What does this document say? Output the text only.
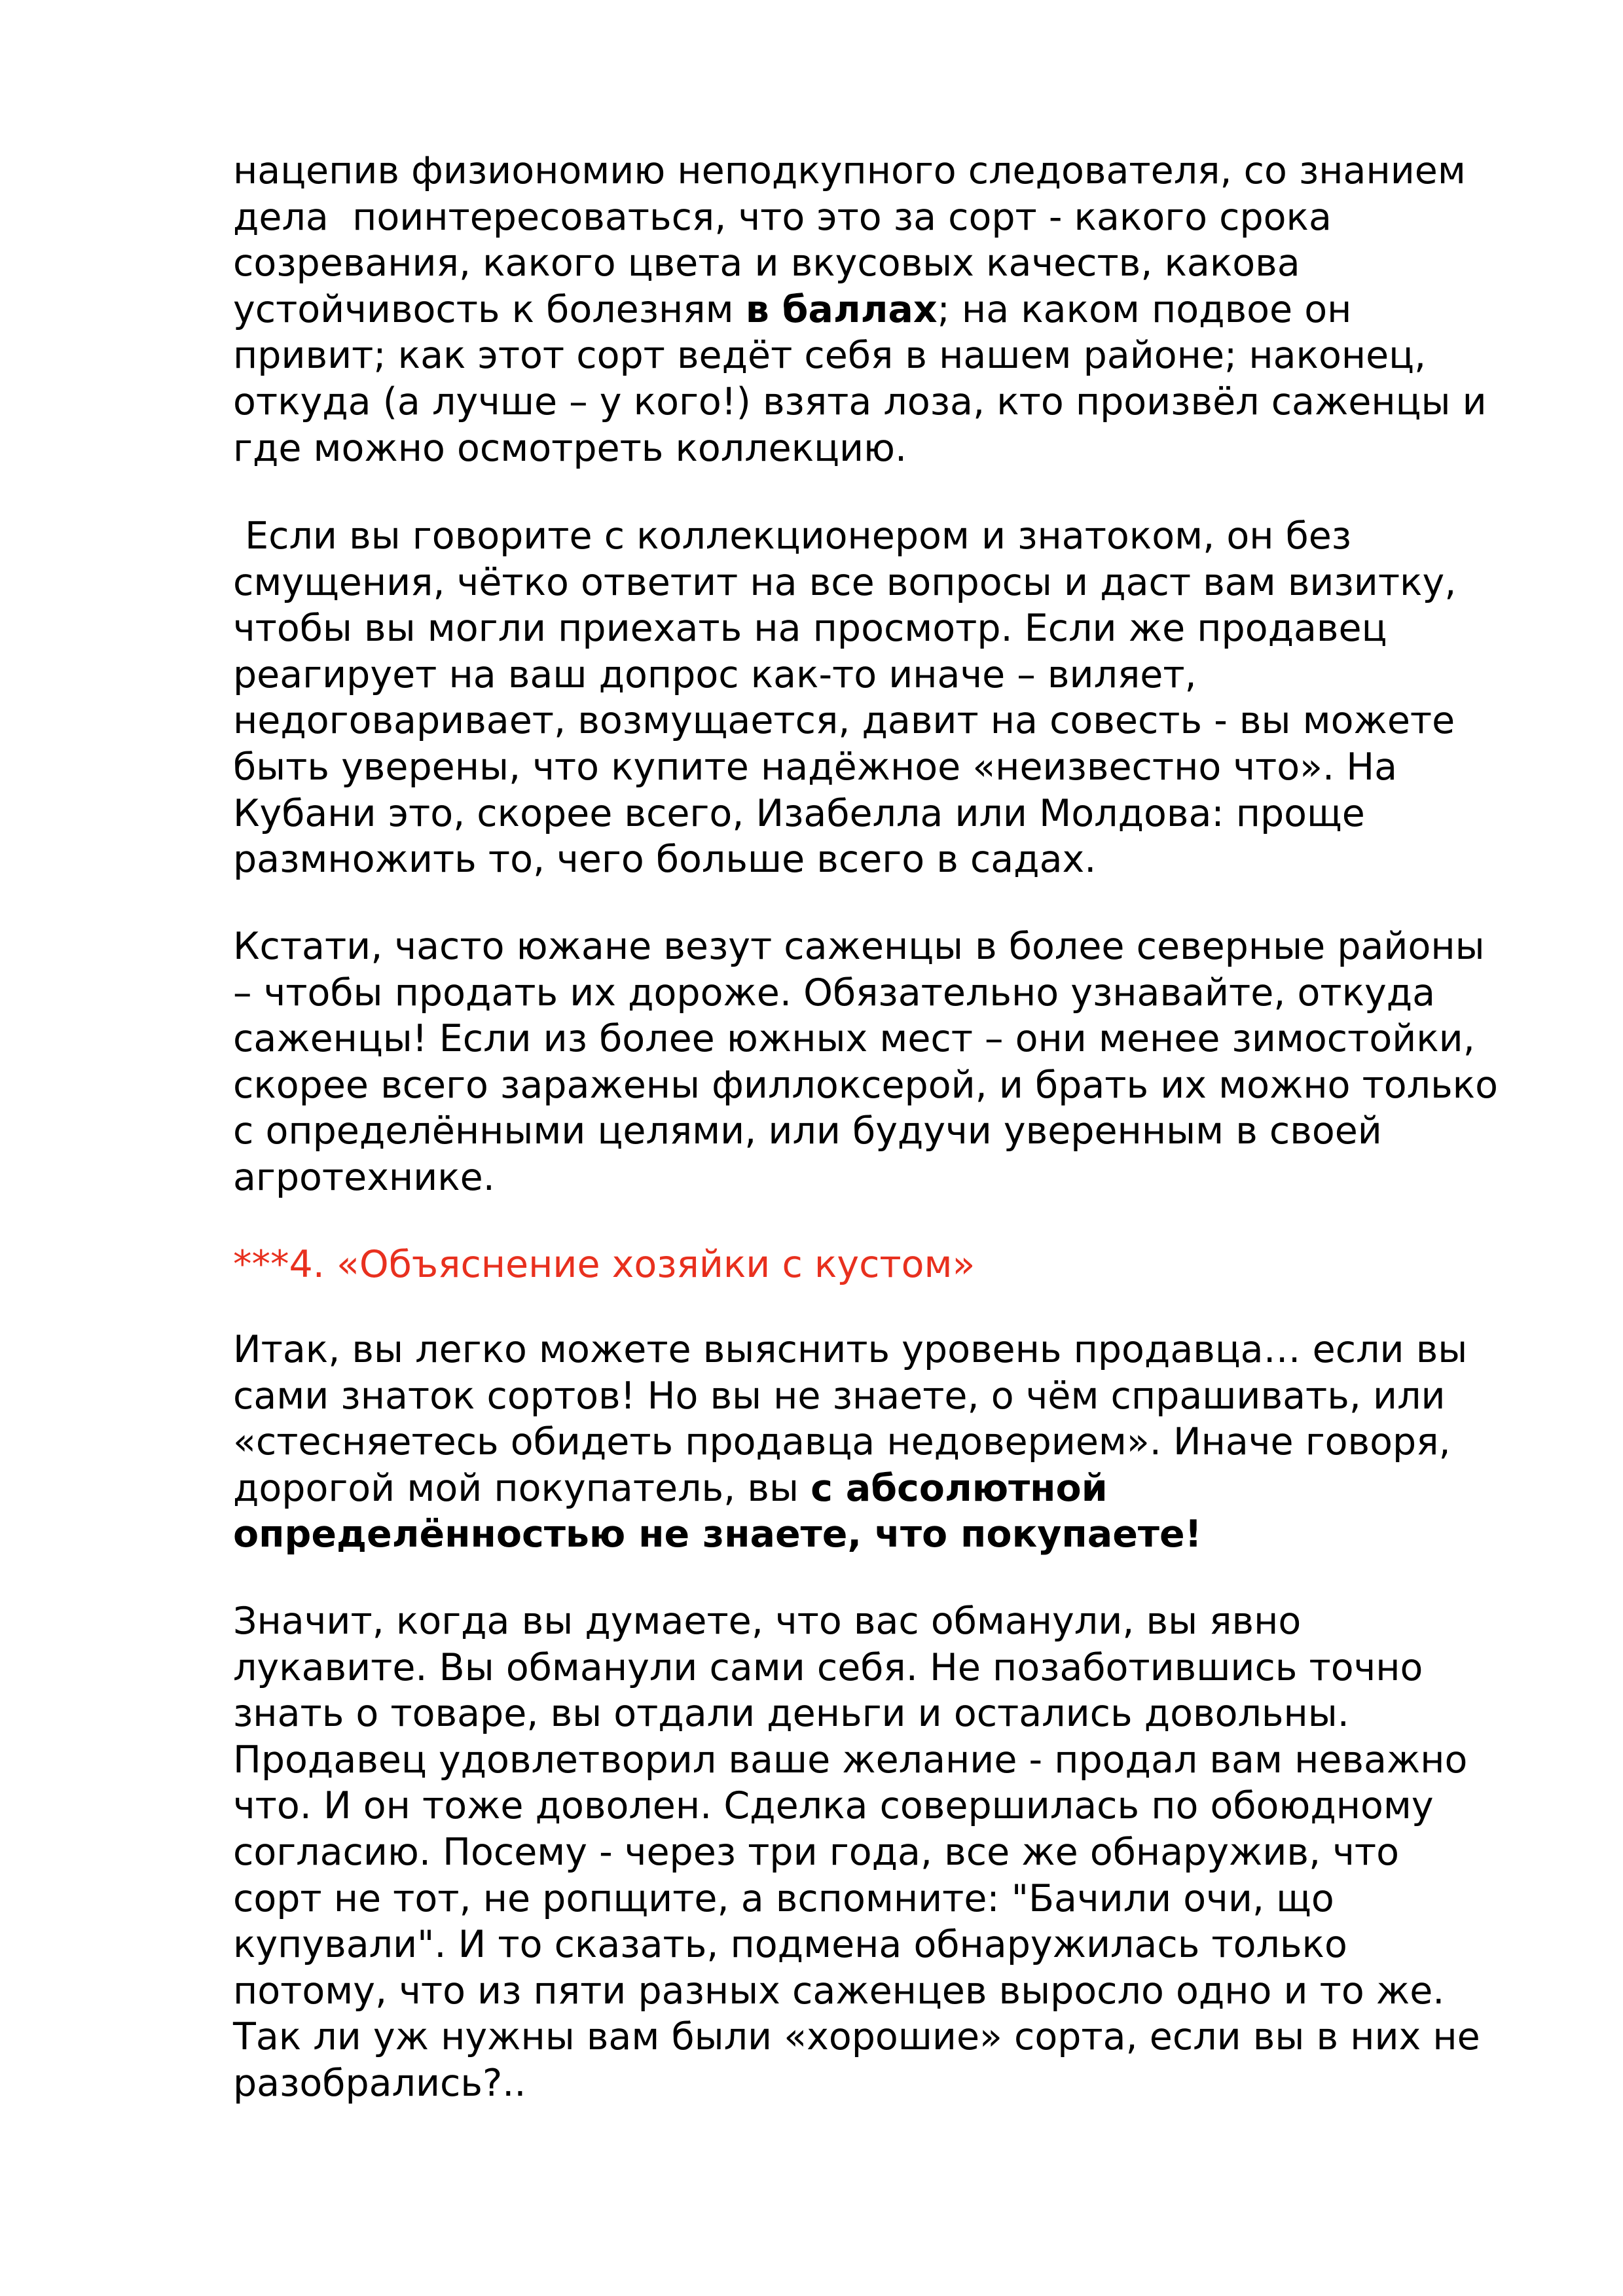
нацепив физиономию неподкупного следователя, со знанием
дела  поинтересоваться, что это за сорт - какого срока
созревания, какого цвета и вкусовых качеств, какова
устойчивость к болезням в баллах; на каком подвое он
привит; как этот сорт ведёт себя в нашем районе; наконец,
откуда (а лучше – у кого!) взята лоза, кто произвёл саженцы и
где можно осмотреть коллекцию.
Если вы говорите с коллекционером и знатоком, он без
смущения, чётко ответит на все вопросы и даст вам визитку,
чтобы вы могли приехать на просмотр. Если же продавец
реагирует на ваш допрос как-то иначе – виляет,
недоговаривает, возмущается, давит на совесть - вы можете
быть уверены, что купите надёжное «неизвестно что». На
Кубани это, скорее всего, Изабелла или Молдова: проще
размножить то, чего больше всего в садах.
Кстати, часто южане везут саженцы в более северные районы
– чтобы продать их дороже. Обязательно узнавайте, откуда
саженцы! Если из более южных мест – они менее зимостойки,
скорее всего заражены филлоксерой, и брать их можно только
с определёнными целями, или будучи уверенным в своей
агротехнике.
***4. «Объяснение хозяйки с кустом»
Итак, вы легко можете выяснить уровень продавца… если вы
сами знаток сортов! Но вы не знаете, о чём спрашивать, или
«стесняетесь обидеть продавца недоверием». Иначе говоря,
дорогой мой покупатель, вы с абсолютной
определённостью не знаете, что покупаете!
Значит, когда вы думаете, что вас обманули, вы явно
лукавите. Вы обманули сами себя. Не позаботившись точно
знать о товаре, вы отдали деньги и остались довольны.
Продавец удовлетворил ваше желание - продал вам неважно
что. И он тоже доволен. Сделка совершилась по обоюдному
согласию. Посему - через три года, все же обнаружив, что
сорт не тот, не ропщите, а вспомните: "Бачили очи, що
купували". И то сказать, подмена обнаружилась только
потому, что из пяти разных саженцев выросло одно и то же.
Так ли уж нужны вам были «хорошие» сорта, если вы в них не
разобрались?..
